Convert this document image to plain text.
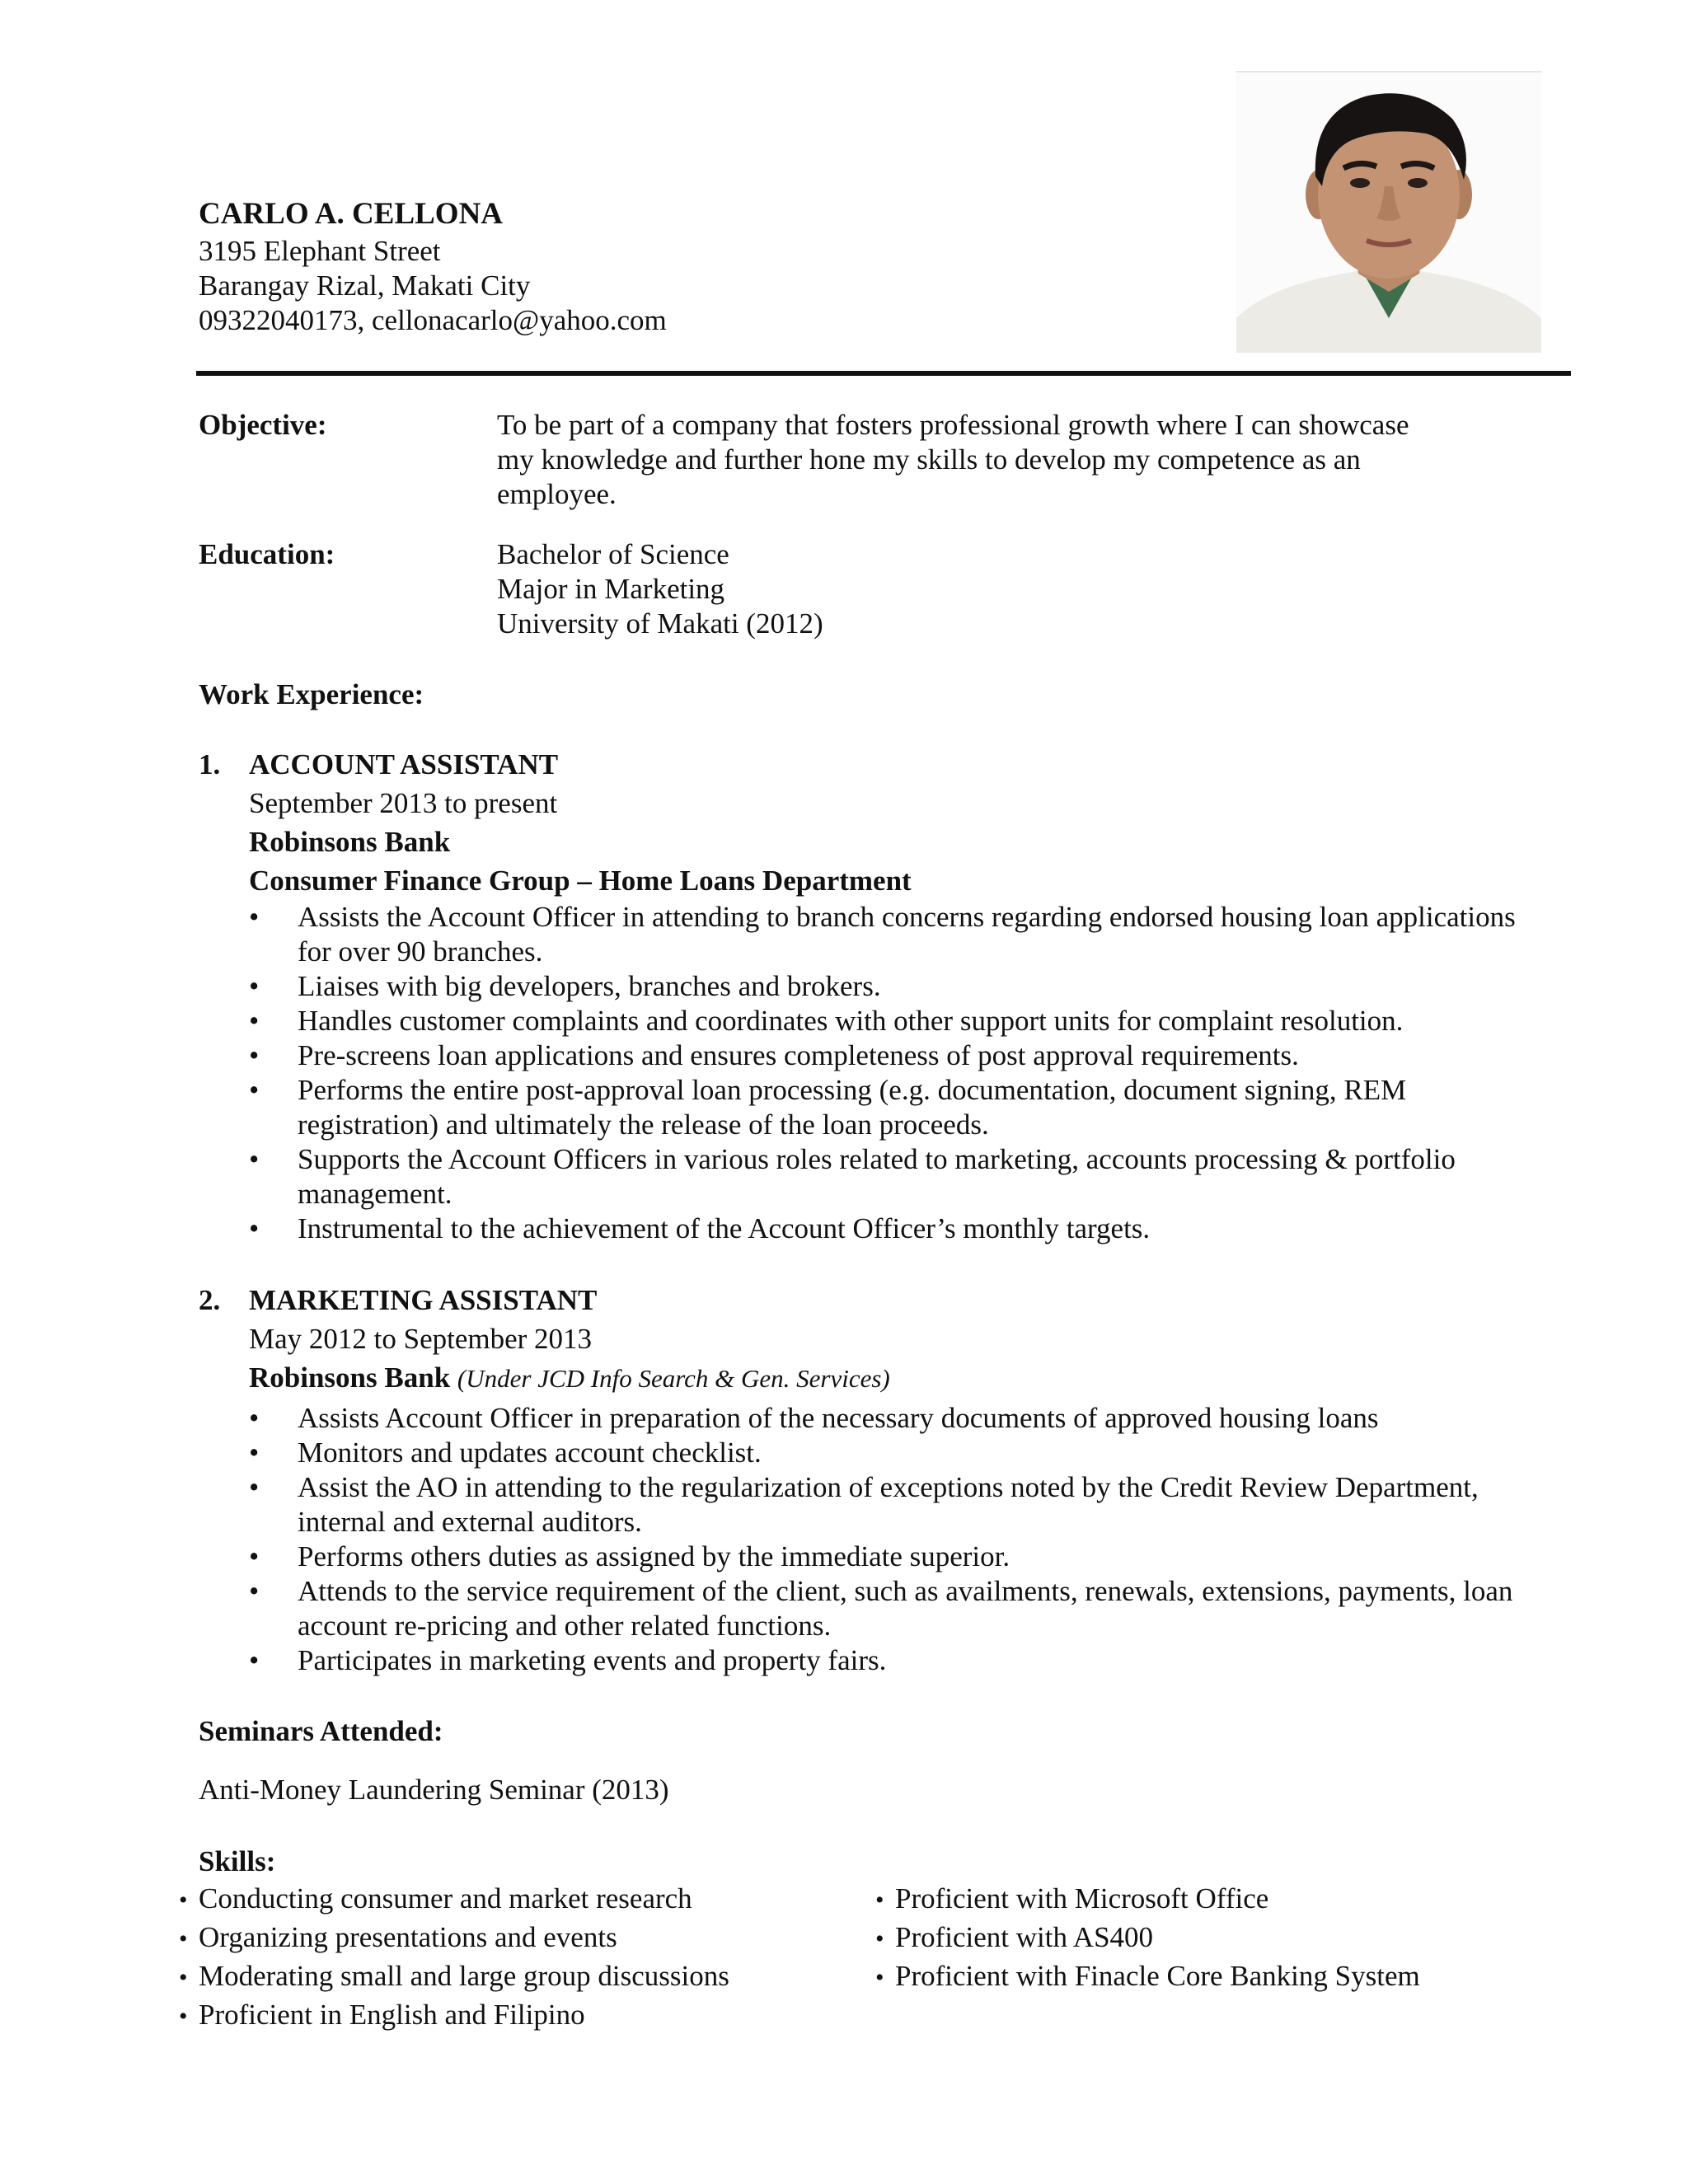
CARLO A. CELLONA
3195 Elephant Street
Barangay Rizal, Makati City
09322040173, cellonacarlo@yahoo.com
Objective:	To be part of a company that fosters professional growth where I can showcase
my knowledge and further hone my skills to develop my competence as an
employee.
Education:	Bachelor of Science
Major in Marketing
University of Makati (2012)
Work Experience:
1. ACCOUNT ASSISTANT
September 2013 to present
Robinsons Bank
Consumer Finance Group – Home Loans Department
•	Assists the Account Officer in attending to branch concerns regarding endorsed housing loan applications for over 90 branches.
•	Liaises with big developers, branches and brokers.
•	Handles customer complaints and coordinates with other support units for complaint resolution.
•	Pre-screens loan applications and ensures completeness of post approval requirements.
•	Performs the entire post-approval loan processing (e.g. documentation, document signing, REM registration) and ultimately the release of the loan proceeds.
•	Supports the Account Officers in various roles related to marketing, accounts processing & portfolio management.
•	Instrumental to the achievement of the Account Officer’s monthly targets.
2. MARKETING ASSISTANT
May 2012 to September 2013
Robinsons Bank (Under JCD Info Search & Gen. Services)
•	Assists Account Officer in preparation of the necessary documents of approved housing loans
•	Monitors and updates account checklist.
•	Assist the AO in attending to the regularization of exceptions noted by the Credit Review Department, internal and external auditors.
•	Performs others duties as assigned by the immediate superior.
•	Attends to the service requirement of the client, such as availments, renewals, extensions, payments, loan account re-pricing and other related functions.
•	Participates in marketing events and property fairs.
Seminars Attended:
Anti-Money Laundering Seminar (2013)
Skills:
• Conducting consumer and market research
• Organizing presentations and events
• Moderating small and large group discussions
• Proficient in English and Filipino
• Proficient with Microsoft Office
• Proficient with AS400
• Proficient with Finacle Core Banking System
